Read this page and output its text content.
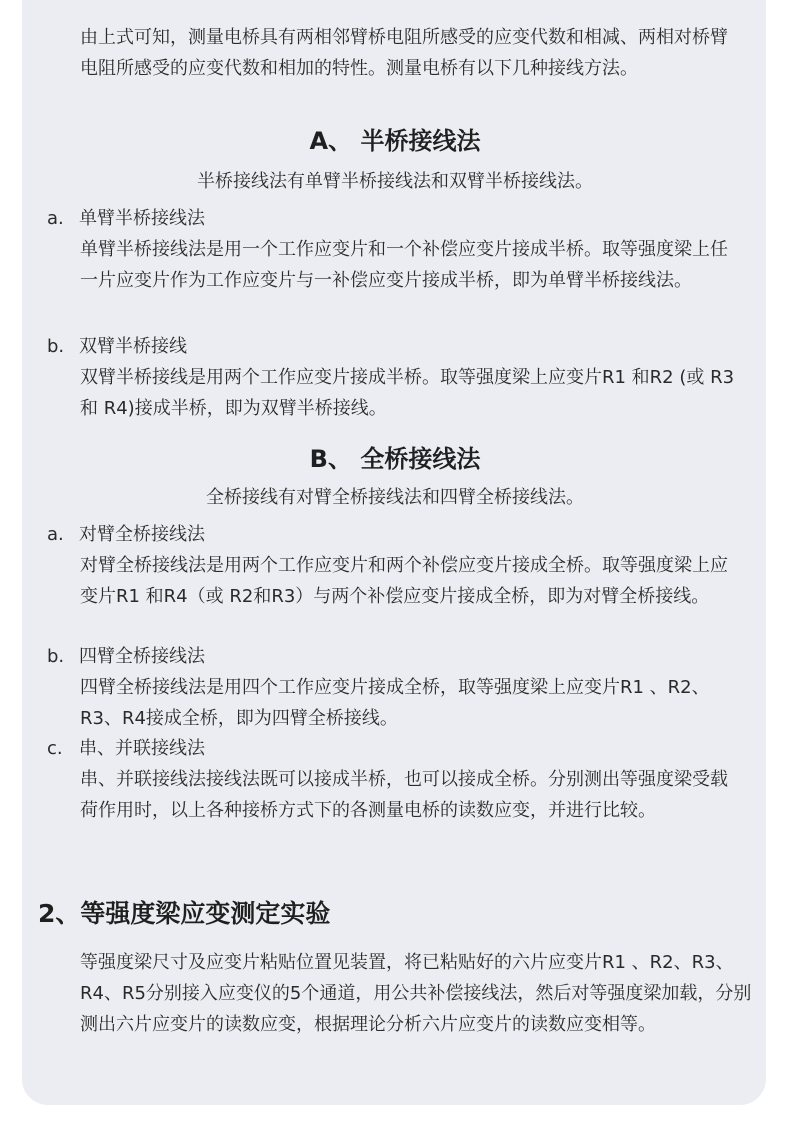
由上式可知，测量电桥具有两相邻臂桥电阻所感受的应变代数和相减、两相对桥臂电阻所感受的应变代数和相加的特性。测量电桥有以下几种接线方法。

A、 半桥接线法
半桥接线法有单臂半桥接线法和双臂半桥接线法。
a. 单臂半桥接线法

单臂半桥接线法是用一个工作应变片和一个补偿应变片接成半桥。取等强度梁上任一片应变片作为工作应变片与一补偿应变片接成半桥，即为单臂半桥接线法。

b. 双臂半桥接线

双臂半桥接线是用两个工作应变片接成半桥。取等强度梁上应变片R1 和R2 (或 R3 和 R4)接成半桥，即为双臂半桥接线。

B、 全桥接线法
全桥接线有对臂全桥接线法和四臂全桥接线法。
a. 对臂全桥接线法

对臂全桥接线法是用两个工作应变片和两个补偿应变片接成全桥。取等强度梁上应变片R1 和R4（或 R2和R3）与两个补偿应变片接成全桥，即为对臂全桥接线。

b. 四臂全桥接线法

四臂全桥接线法是用四个工作应变片接成全桥，取等强度梁上应变片R1 、R2、R3、R4接成全桥，即为四臂全桥接线。

c. 串、并联接线法

串、并联接线法接线法既可以接成半桥，也可以接成全桥。分别测出等强度梁受载荷作用时，以上各种接桥方式下的各测量电桥的读数应变，并进行比较。

2、等强度梁应变测定实验

等强度梁尺寸及应变片粘贴位置见装置，将已粘贴好的六片应变片R1 、R2、R3、R4、R5分别接入应变仪的5个通道，用公共补偿接线法，然后对等强度梁加载，分别测出六片应变片的读数应变，根据理论分析六片应变片的读数应变相等。
